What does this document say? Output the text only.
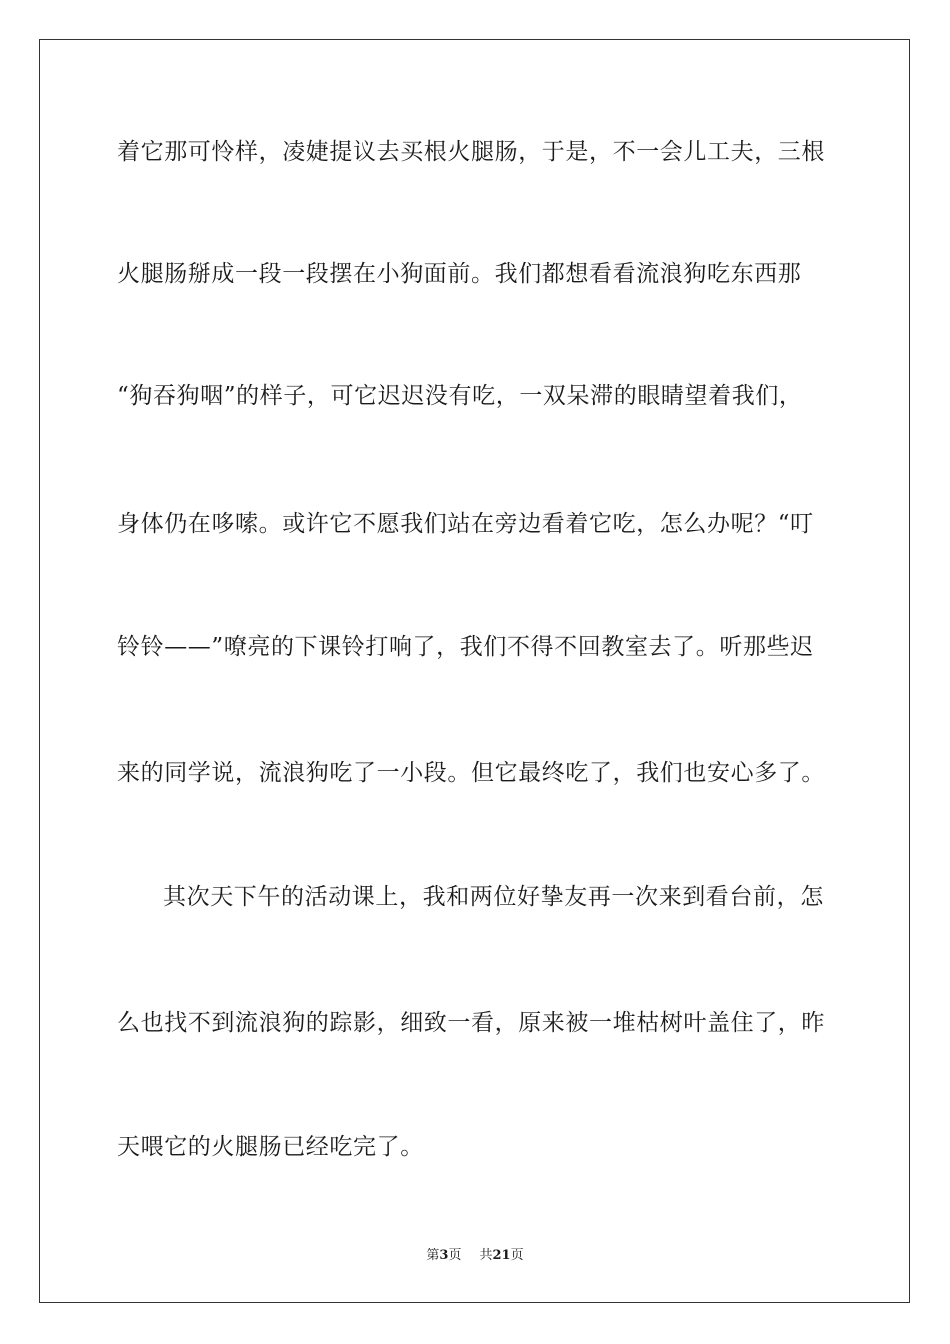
着它那可怜样，凌婕提议去买根火腿肠，于是，不一会儿工夫，三根
火腿肠掰成一段一段摆在小狗面前。我们都想看看流浪狗吃东西那
“狗吞狗咽”的样子，可它迟迟没有吃，一双呆滞的眼睛望着我们，
身体仍在哆嗦。或许它不愿我们站在旁边看着它吃，怎么办呢？“叮
铃铃——”嘹亮的下课铃打响了，我们不得不回教室去了。听那些迟
来的同学说，流浪狗吃了一小段。但它最终吃了，我们也安心多了。
其次天下午的活动课上，我和两位好挚友再一次来到看台前，怎
么也找不到流浪狗的踪影，细致一看，原来被一堆枯树叶盖住了，昨
天喂它的火腿肠已经吃完了。
第3页 共21页
